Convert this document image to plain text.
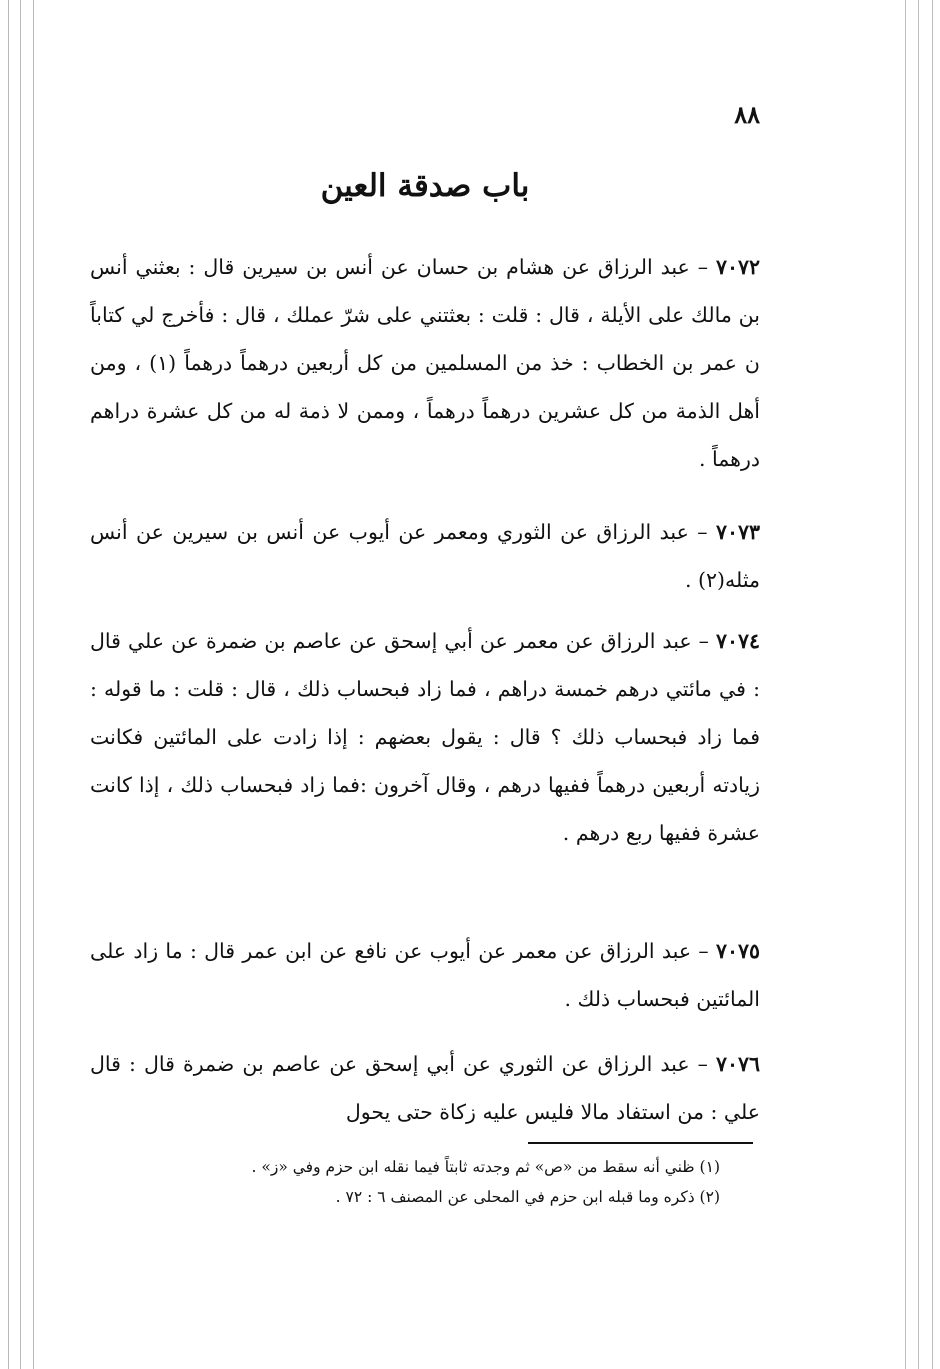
٨٨
باب صدقة العين
٧٠٧٢ – عبد الرزاق عن هشام بن حسان عن أنس بن سيرين قال : بعثني أنس بن مالك على الأيلة ، قال : قلت : بعثتني على شرّ عملك ، قال : فأخرج لي كتاباً ن عمر بن الخطاب : خذ من المسلمين من كل أربعين درهماً درهماً (١) ، ومن أهل الذمة من كل عشرين درهماً درهماً ، وممن لا ذمة له من كل عشرة دراهم درهماً .
٧٠٧٣ – عبد الرزاق عن الثوري ومعمر عن أيوب عن أنس بن سيرين عن أنس مثله(٢) .
٧٠٧٤ – عبد الرزاق عن معمر عن أبي إسحق عن عاصم بن ضمرة عن علي قال : في مائتي درهم خمسة دراهم ، فما زاد فبحساب ذلك ، قال : قلت : ما قوله : فما زاد فبحساب ذلك ؟ قال : يقول بعضهم : إذا زادت على المائتين فكانت زيادته أربعين درهماً ففيها درهم ، وقال آخرون :فما زاد فبحساب ذلك ، إذا كانت عشرة ففيها ربع درهم .
٧٠٧٥ – عبد الرزاق عن معمر عن أيوب عن نافع عن ابن عمر قال : ما زاد على المائتين فبحساب ذلك .
٧٠٧٦ – عبد الرزاق عن الثوري عن أبي إسحق عن عاصم بن ضمرة قال : قال علي : من استفاد مالا فليس عليه زكاة حتى يحول
(١) ظني أنه سقط من «ص» ثم وجدته ثابتاً فيما نقله ابن حزم وفي «ز» .
(٢) ذكره وما قبله ابن حزم في المحلى عن المصنف ٦ : ٧٢ .
